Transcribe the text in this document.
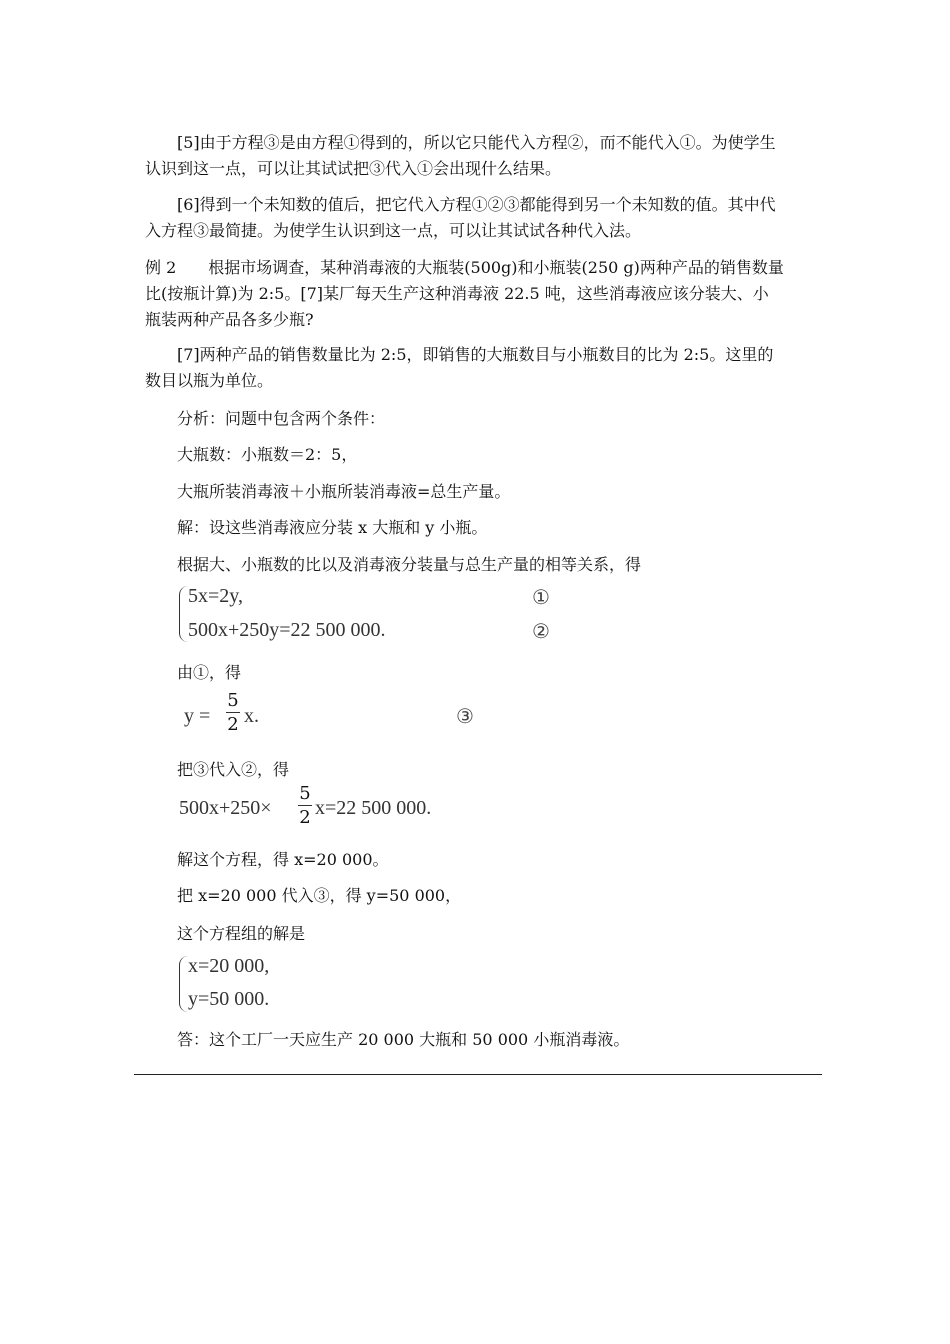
[5]由于方程③是由方程①得到的，所以它只能代入方程②，而不能代入①。为使学生
认识到这一点，可以让其试试把③代入①会出现什么结果。
[6]得到一个未知数的值后，把它代入方程①②③都能得到另一个未知数的值。其中代
入方程③最简捷。为使学生认识到这一点，可以让其试试各种代入法。
例 2　　根据市场调查，某种消毒液的大瓶装(500g)和小瓶装(250 g)两种产品的销售数量
比(按瓶计算)为 2:5。[7]某厂每天生产这种消毒液 22.5 吨，这些消毒液应该分装大、小
瓶装两种产品各多少瓶?
[7]两种产品的销售数量比为 2:5，即销售的大瓶数目与小瓶数目的比为 2:5。这里的
数目以瓶为单位。
分析：问题中包含两个条件：
大瓶数：小瓶数＝2：5，
大瓶所装消毒液＋小瓶所装消毒液=总生产量。
解：设这些消毒液应分装 x 大瓶和 y 小瓶。
根据大、小瓶数的比以及消毒液分装量与总生产量的相等关系，得
5x=2y,
500x+250y=22 500 000.
①
②
由①，得
y =
5
2 x.	③
把③代入②，得
500x+250×
5
2 x=22 500 000.
解这个方程，得 x=20 000。
把 x=20 000 代入③，得 y=50 000，
这个方程组的解是
x=20 000,
y=50 000.
答：这个工厂一天应生产 20 000 大瓶和 50 000 小瓶消毒液。
